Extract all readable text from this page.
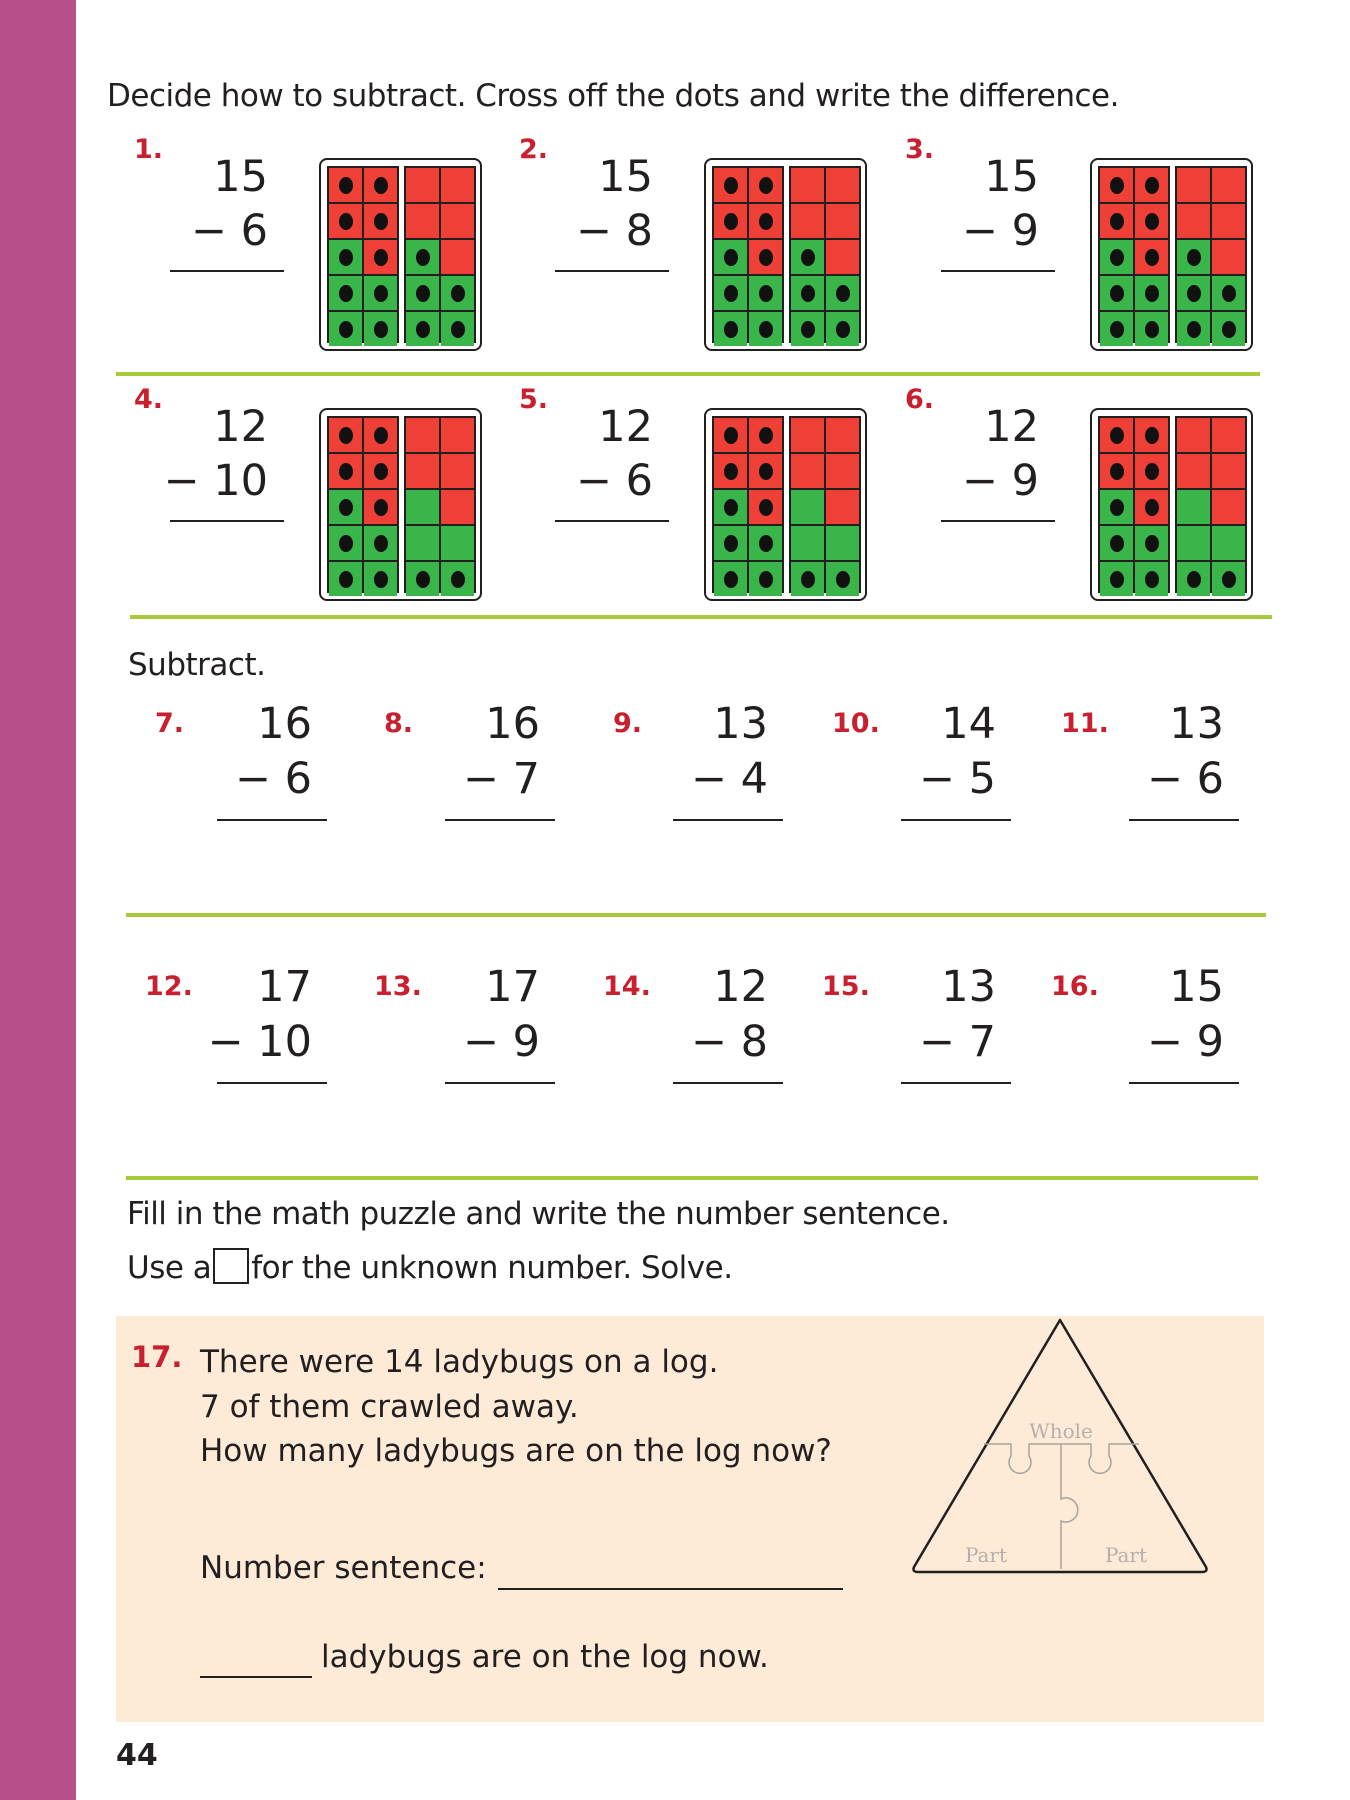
Decide how to subtract. Cross off the dots and write the difference.
1.
15
− 6
2.
15
− 8
3.
15
− 9
4.
12
− 10
5.
12
− 6
6.
12
− 9
Subtract.
7.	16
− 6
8.	16
− 7
9.	13
− 4
10.	14
− 5
11.	13
− 6
12.	17
− 10
13.	17
− 9
14.	12
− 8
15.	13
− 7
16.	15
− 9
Fill in the math puzzle and write the number sentence.
Use a for the unknown number. Solve.
17. There were 14 ladybugs on a log.
7 of them crawled away.
How many ladybugs are on the log now?
Number sentence:
ladybugs are on the log now.
Whole
Part	Part
44
